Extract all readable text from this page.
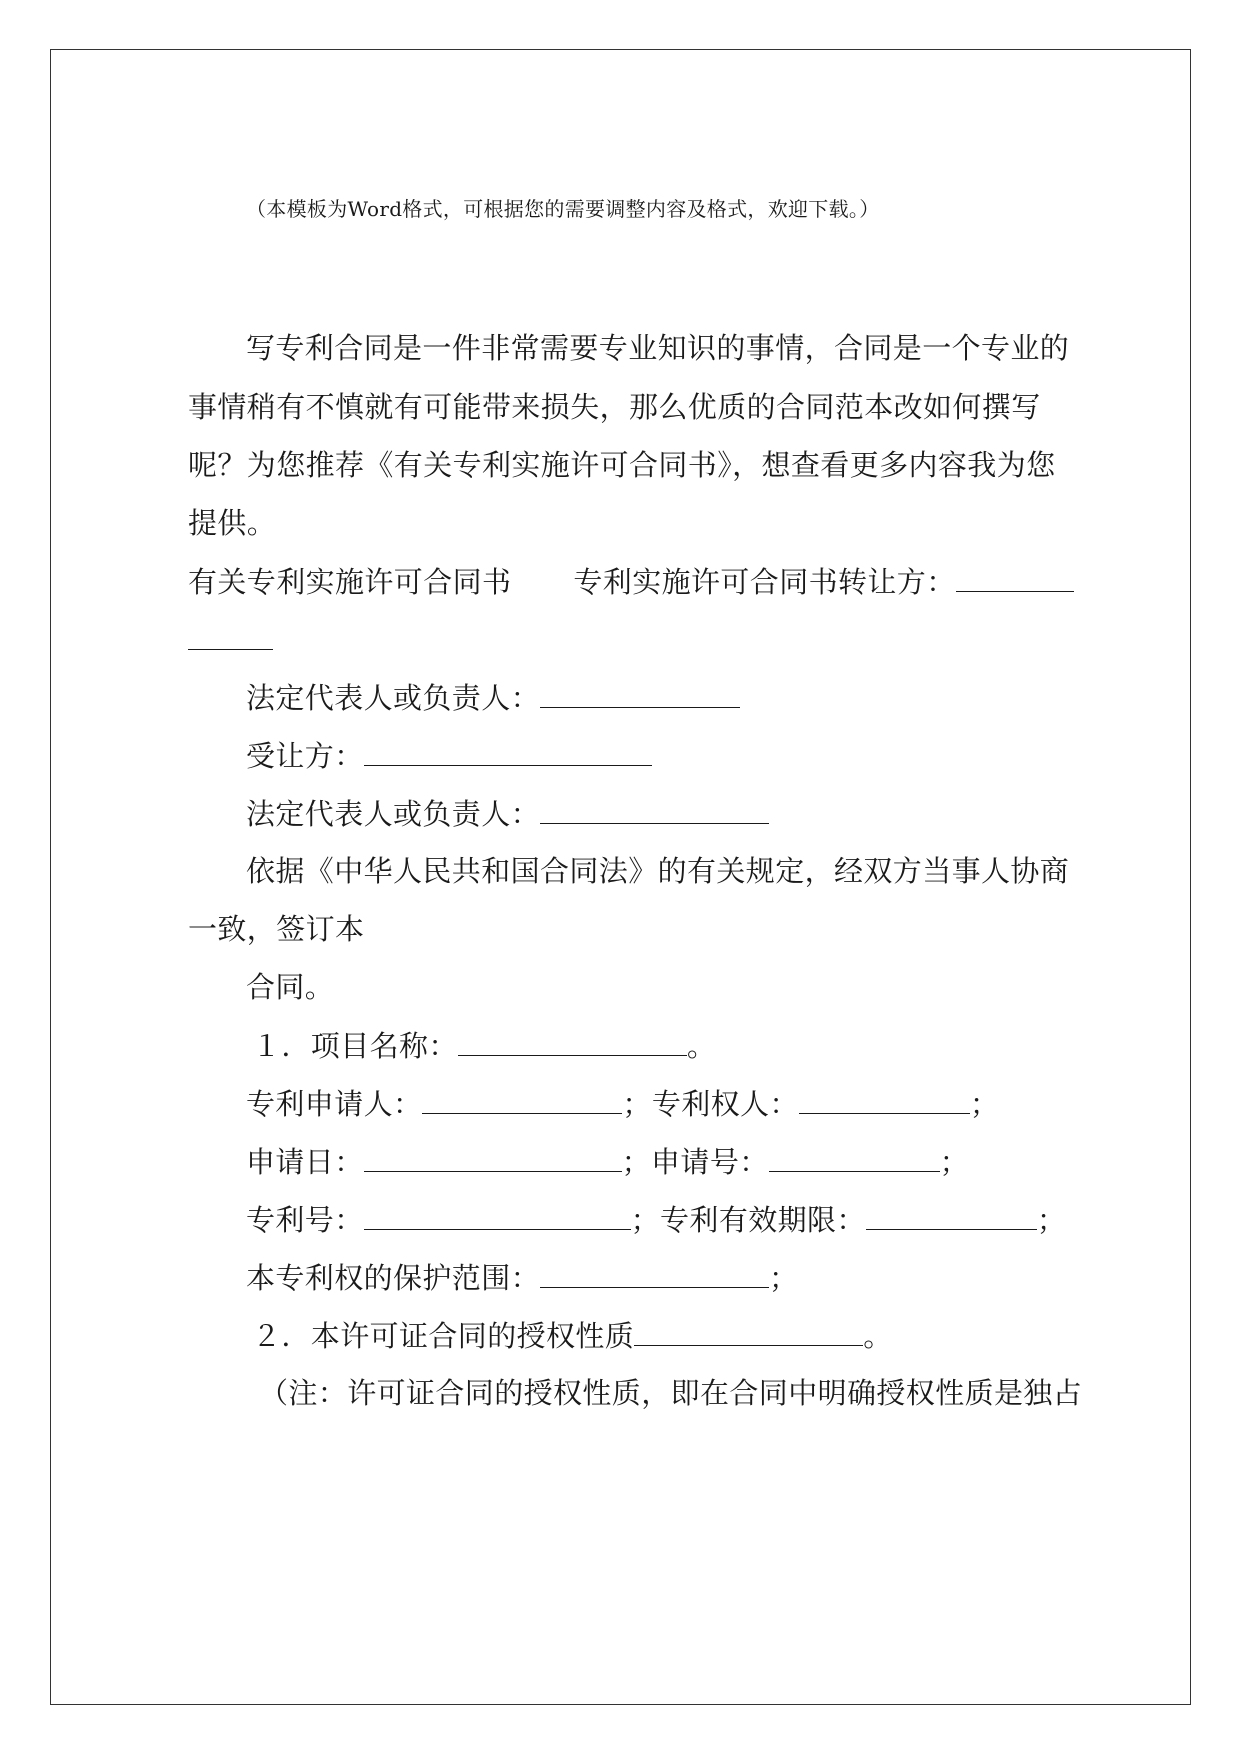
（本模板为Word格式，可根据您的需要调整内容及格式，欢迎下载。）
写专利合同是一件非常需要专业知识的事情，合同是一个专业的
事情稍有不慎就有可能带来损失，那么优质的合同范本改如何撰写
呢？为您推荐《有关专利实施许可合同书》，想查看更多内容我为您
提供。
有关专利实施许可合同书 专利实施许可合同书转让方：
法定代表人或负责人：
受让方：
法定代表人或负责人：
依据《中华人民共和国合同法》的有关规定，经双方当事人协商
一致，签订本
合同。
１．项目名称：	。
专利申请人：	；专利权人：	；
申请日：	；申请号：	；
专利号：	；专利有效期限：	；
本专利权的保护范围：	；
２．本许可证合同的授权性质	。
（注：许可证合同的授权性质，即在合同中明确授权性质是独占
